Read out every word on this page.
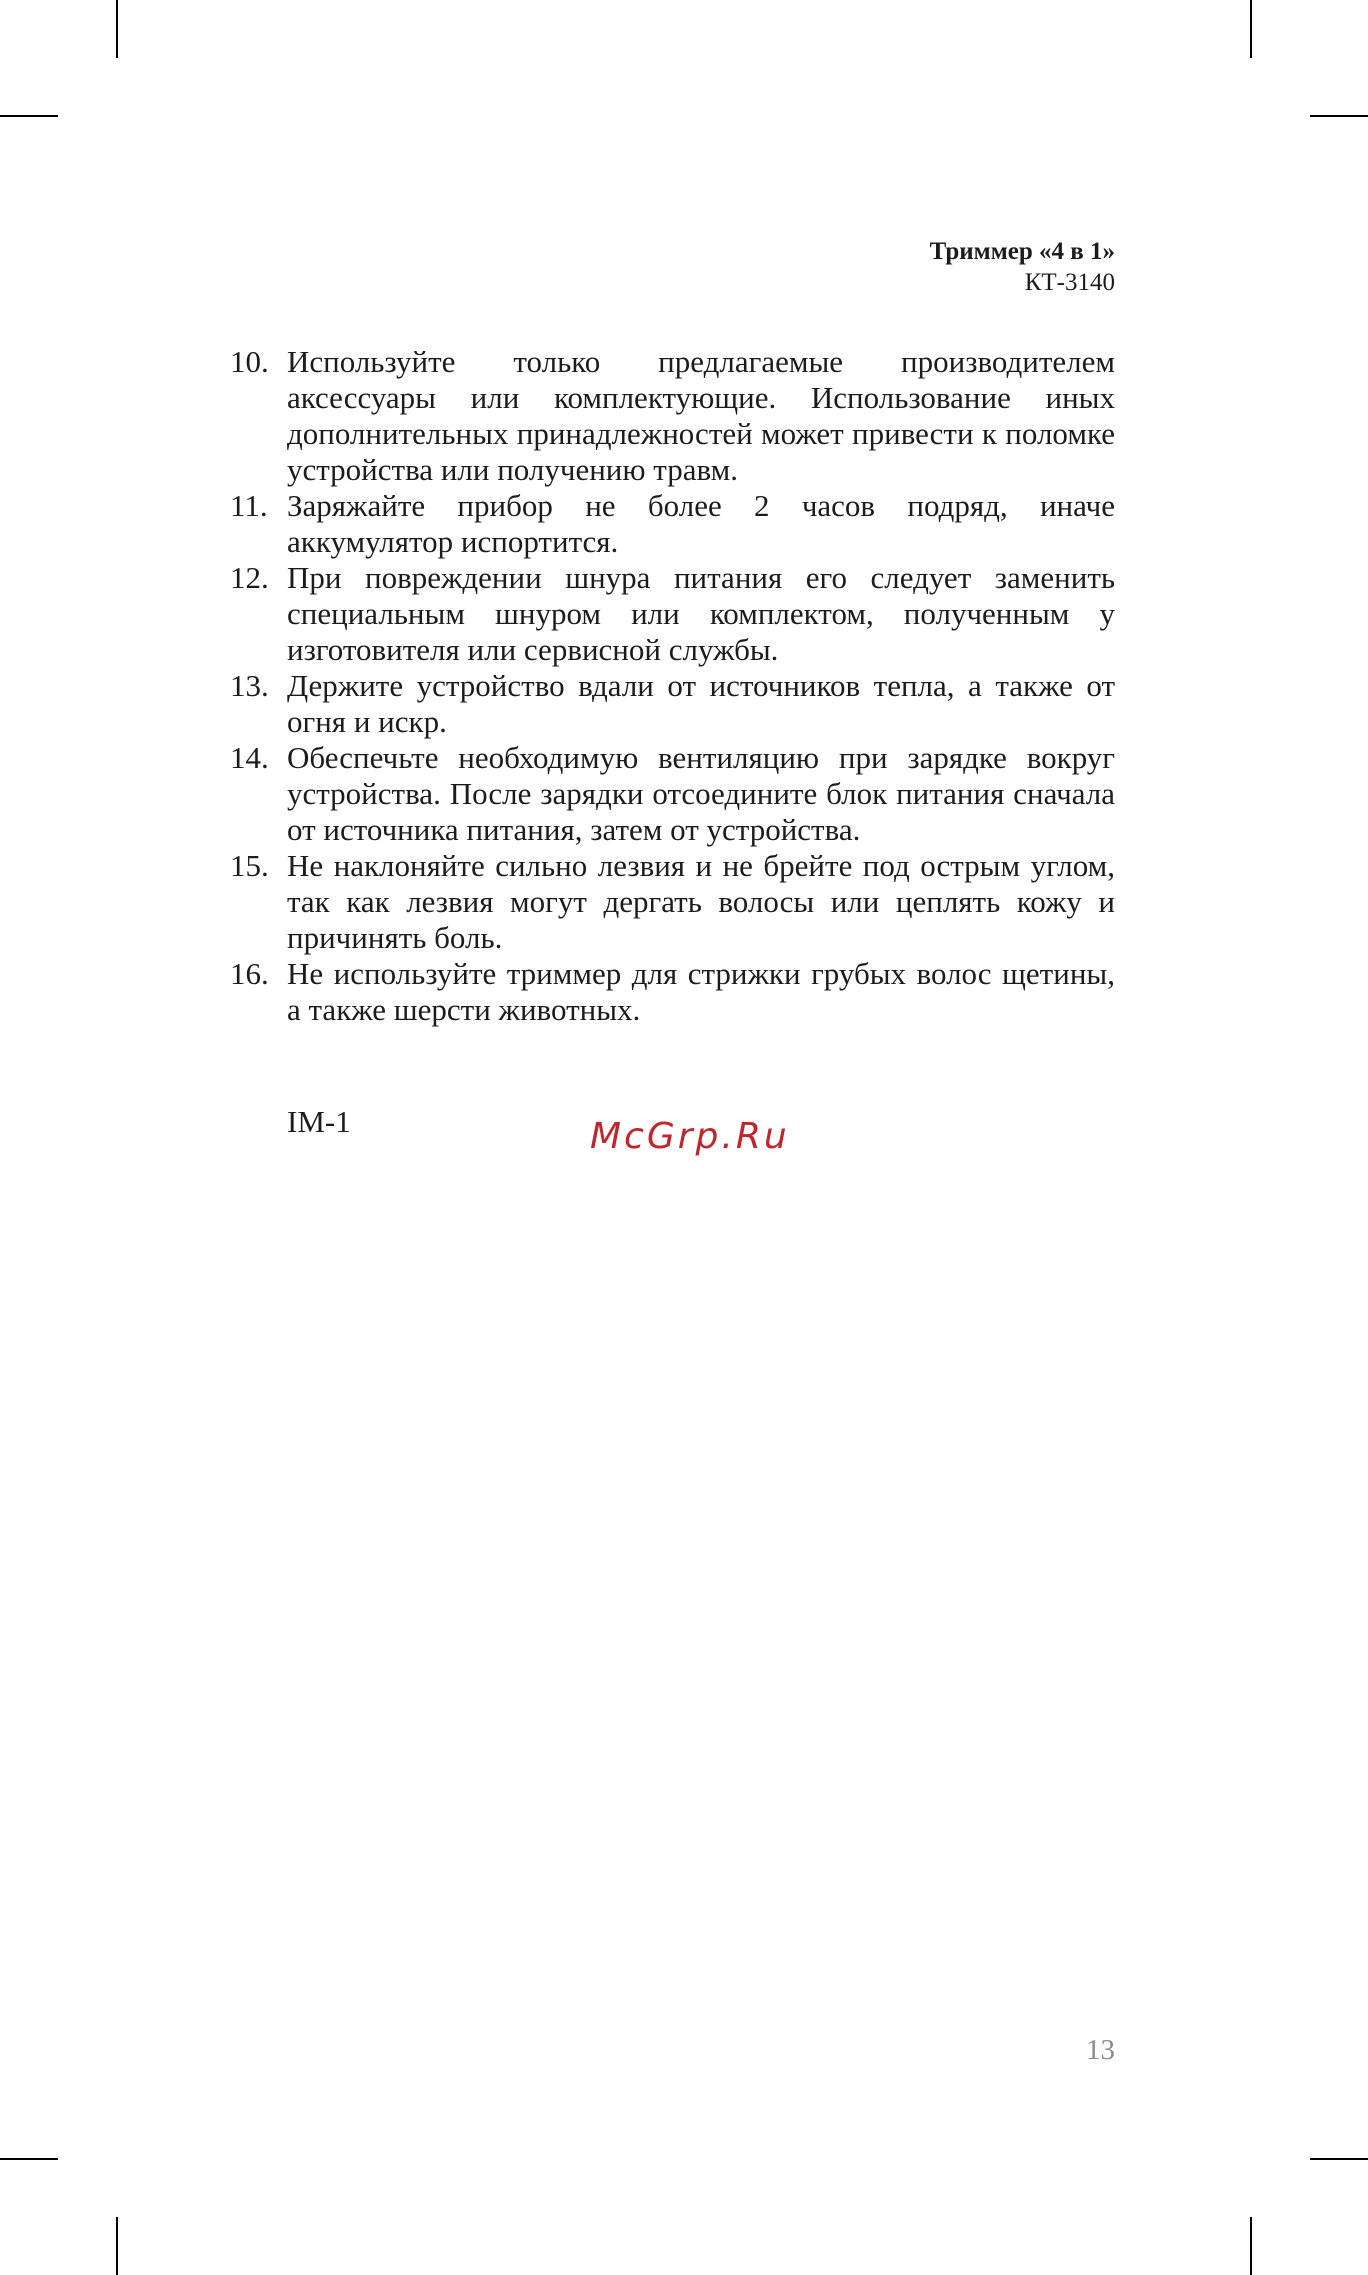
Триммер «4 в 1»
КТ-3140
10. Используйте только предлагаемые производителем аксессуары или комплектующие. Использование иных дополнительных принадлежностей может привести к поломке устройства или получению травм.
11. Заряжайте прибор не более 2 часов подряд, иначе аккумулятор испортится.
12. При повреждении шнура питания его следует заменить специальным шнуром или комплектом, полученным у изготовителя или сервисной службы.
13. Держите устройство вдали от источников тепла, а также от огня и искр.
14. Обеспечьте необходимую вентиляцию при зарядке вокруг устройства. После зарядки отсоедините блок питания сначала от источника питания, затем от устройства.
15. Не наклоняйте сильно лезвия и не брейте под острым углом, так как лезвия могут дергать волосы или цеплять кожу и причинять боль.
16. Не используйте триммер для стрижки грубых волос щетины, а также шерсти животных.
IM-1	McGrp.Ru
13
